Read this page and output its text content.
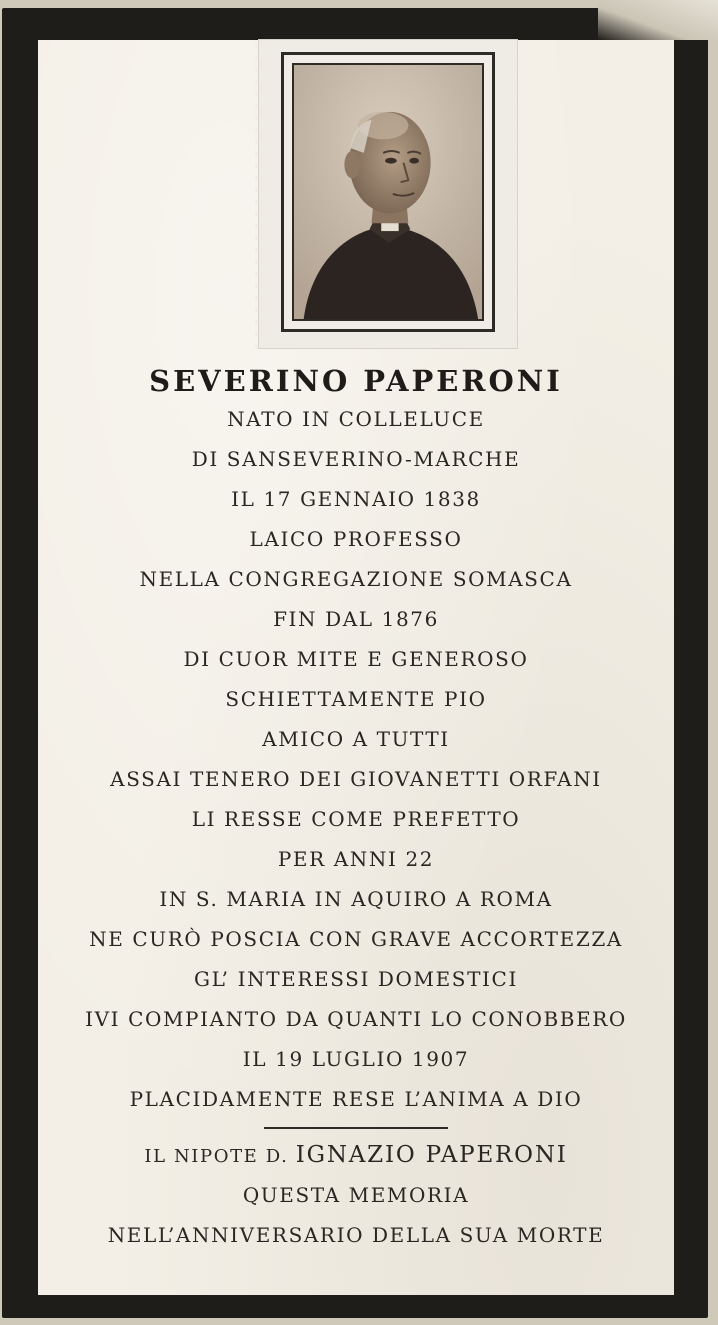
SEVERINO PAPERONI
NATO IN COLLELUCE
DI SANSEVERINO-MARCHE
IL 17 GENNAIO 1838
LAICO PROFESSO
NELLA CONGREGAZIONE SOMASCA
FIN DAL 1876
DI CUOR MITE E GENEROSO
SCHIETTAMENTE PIO
AMICO A TUTTI
ASSAI TENERO DEI GIOVANETTI ORFANI
LI RESSE COME PREFETTO
PER ANNI 22
IN S. MARIA IN AQUIRO A ROMA
NE CURÒ POSCIA CON GRAVE ACCORTEZZA
GL’ INTERESSI DOMESTICI
IVI COMPIANTO DA QUANTI LO CONOBBERO
IL 19 LUGLIO 1907
PLACIDAMENTE RESE L’ANIMA A DIO
IL NIPOTE D. IGNAZIO PAPERONI
QUESTA MEMORIA
NELL’ANNIVERSARIO DELLA SUA MORTE
